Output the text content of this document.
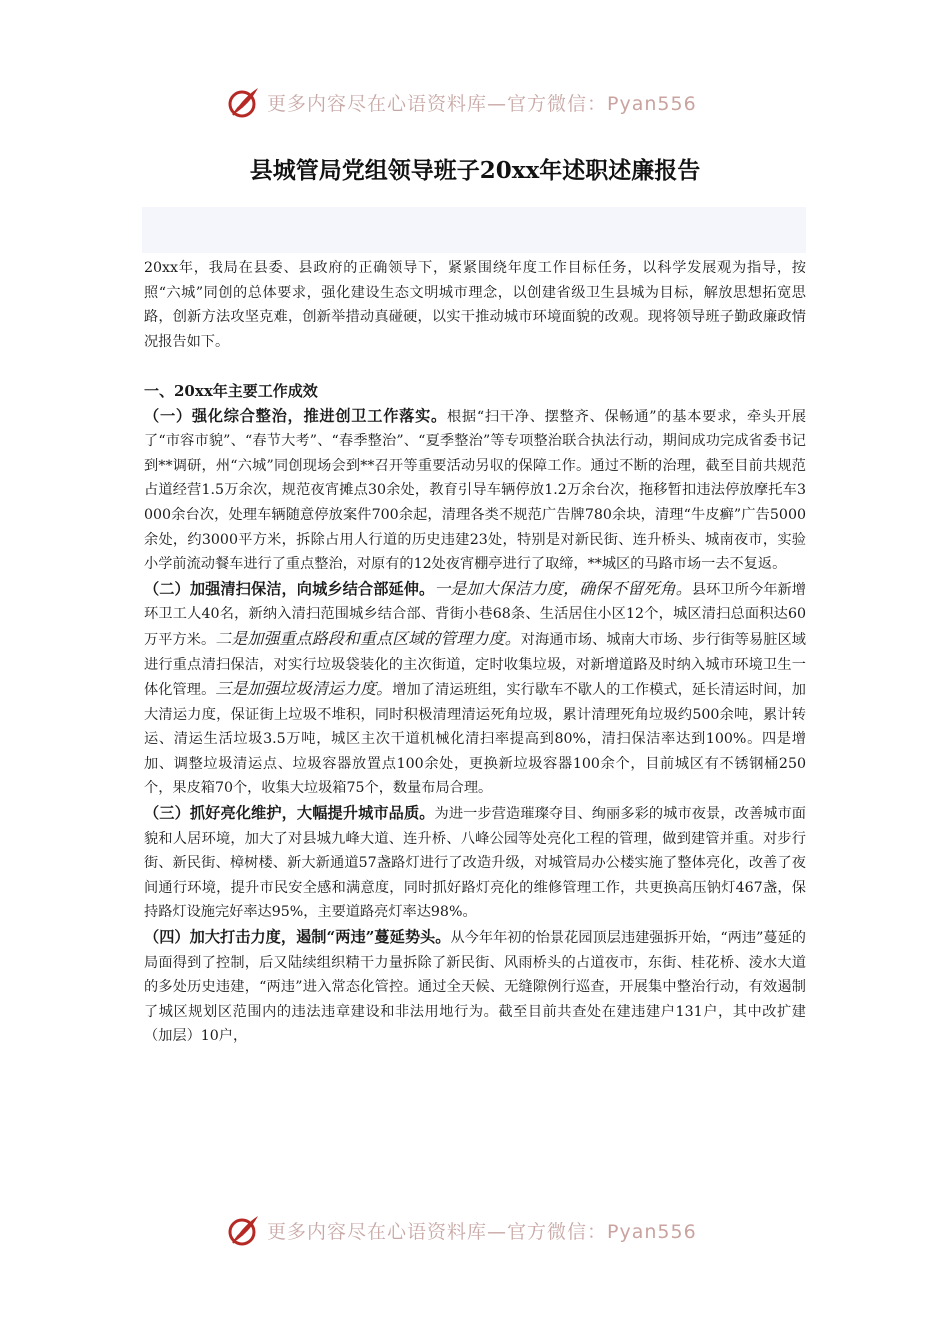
更多内容尽在心语资料库—官方微信：Pyan556
县城管局党组领导班子20xx年述职述廉报告

20xx年，我局在县委、县政府的正确领导下，紧紧围绕年度工作目标任务，以科学发展观为指导，按照“六城”同创的总体要求，强化建设生态文明城市理念，以创建省级卫生县城为目标，解放思想拓宽思路，创新方法攻坚克难，创新举措动真碰硬，以实干推动城市环境面貌的改观。现将领导班子勤政廉政情况报告如下。

一、20xx年主要工作成效

（一）强化综合整治，推进创卫工作落实。根据“扫干净、摆整齐、保畅通”的基本要求，牵头开展了“市容市貌”、“春节大考”、“春季整治”、“夏季整治”等专项整治联合执法行动，期间成功完成省委书记到**调研，州“六城”同创现场会到**召开等重要活动另収的保障工作。通过不断的治理，截至目前共规范占道经营1.5万余次，规范夜宵摊点30余处，教育引导车辆停放1.2万余台次，拖移暂扣违法停放摩托车3000余台次，处理车辆随意停放案件700余起，清理各类不规范广告牌780余块，清理“牛皮癣”广告5000余处，约3000平方米，拆除占用人行道的历史违建23处，特别是对新民街、连升桥头、城南夜市，实验小学前流动餐车进行了重点整治，对原有的12处夜宵棚亭进行了取缔，**城区的马路市场一去不复返。

（二）加强清扫保洁，向城乡结合部延伸。一是加大保洁力度，确保不留死角。县环卫所今年新增环卫工人40名，新纳入清扫范围城乡结合部、背街小巷68条、生活居住小区12个，城区清扫总面积达60万平方米。二是加强重点路段和重点区域的管理力度。对海通市场、城南大市场、步行街等易脏区域进行重点清扫保洁，对实行垃圾袋装化的主次街道，定时收集垃圾，对新增道路及时纳入城市环境卫生一体化管理。三是加强垃圾清运力度。增加了清运班组，实行歇车不歇人的工作模式，延长清运时间，加大清运力度，保证街上垃圾不堆积，同时积极清理清运死角垃圾，累计清理死角垃圾约500余吨，累计转运、清运生活垃圾3.5万吨，城区主次干道机械化清扫率提高到80%，清扫保洁率达到100%。四是增加、调整垃圾清运点、垃圾容器放置点100余处，更换新垃圾容器100余个，目前城区有不锈钢桶250个，果皮箱70个，收集大垃圾箱75个，数量布局合理。

（三）抓好亮化维护，大幅提升城市品质。为进一步营造璀璨夺目、绚丽多彩的城市夜景，改善城市面貌和人居环境，加大了对县城九峰大道、连升桥、八峰公园等处亮化工程的管理，做到建管并重。对步行街、新民街、樟树楼、新大新通道57盏路灯进行了改造升级，对城管局办公楼实施了整体亮化，改善了夜间通行环境，提升市民安全感和满意度，同时抓好路灯亮化的维修管理工作，共更换高压钠灯467盏，保持路灯设施完好率达95%，主要道路亮灯率达98%。

（四）加大打击力度，遏制“两违”蔓延势头。从今年年初的怡景花园顶层违建强拆开始，“两违”蔓延的局面得到了控制，后又陆续组织精干力量拆除了新民街、风雨桥头的占道夜市，东街、桂花桥、淩水大道的多处历史违建，“两违”进入常态化管控。通过全天候、无缝隙例行巡查，开展集中整治行动，有效遏制了城区规划区范围内的违法违章建设和非法用地行为。截至目前共查处在建违建户131户，其中改扩建（加层）10户，

更多内容尽在心语资料库—官方微信：Pyan556
